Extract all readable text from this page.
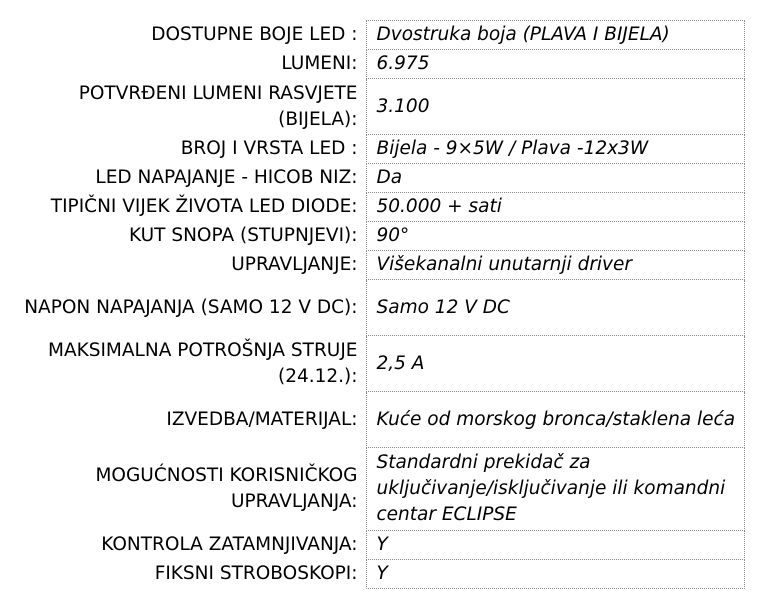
DOSTUPNE BOJE LED :	Dvostruka boja (PLAVA I BIJELA)
LUMENI:	6.975
POTVRĐENI LUMENI RASVJETE (BIJELA):	3.100
BROJ I VRSTA LED :	Bijela - 9×5W / Plava -12x3W
LED NAPAJANJE - HICOB NIZ:	Da
TIPIČNI VIJEK ŽIVOTA LED DIODE:	50.000 + sati
KUT SNOPA (STUPNJEVI):	90°
UPRAVLJANJE:	Višekanalni unutarnji driver
NAPON NAPAJANJA (SAMO 12 V DC):	Samo 12 V DC
MAKSIMALNA POTROŠNJA STRUJE (24.12.):	2,5 A
IZVEDBA/MATERIJAL:	Kuće od morskog bronca/staklena leća
MOGUĆNOSTI KORISNIČKOG UPRAVLJANJA:	Standardni prekidač za uključivanje/isključivanje ili komandni centar ECLIPSE
KONTROLA ZATAMNJIVANJA:	Y
FIKSNI STROBOSKOPI:	Y
